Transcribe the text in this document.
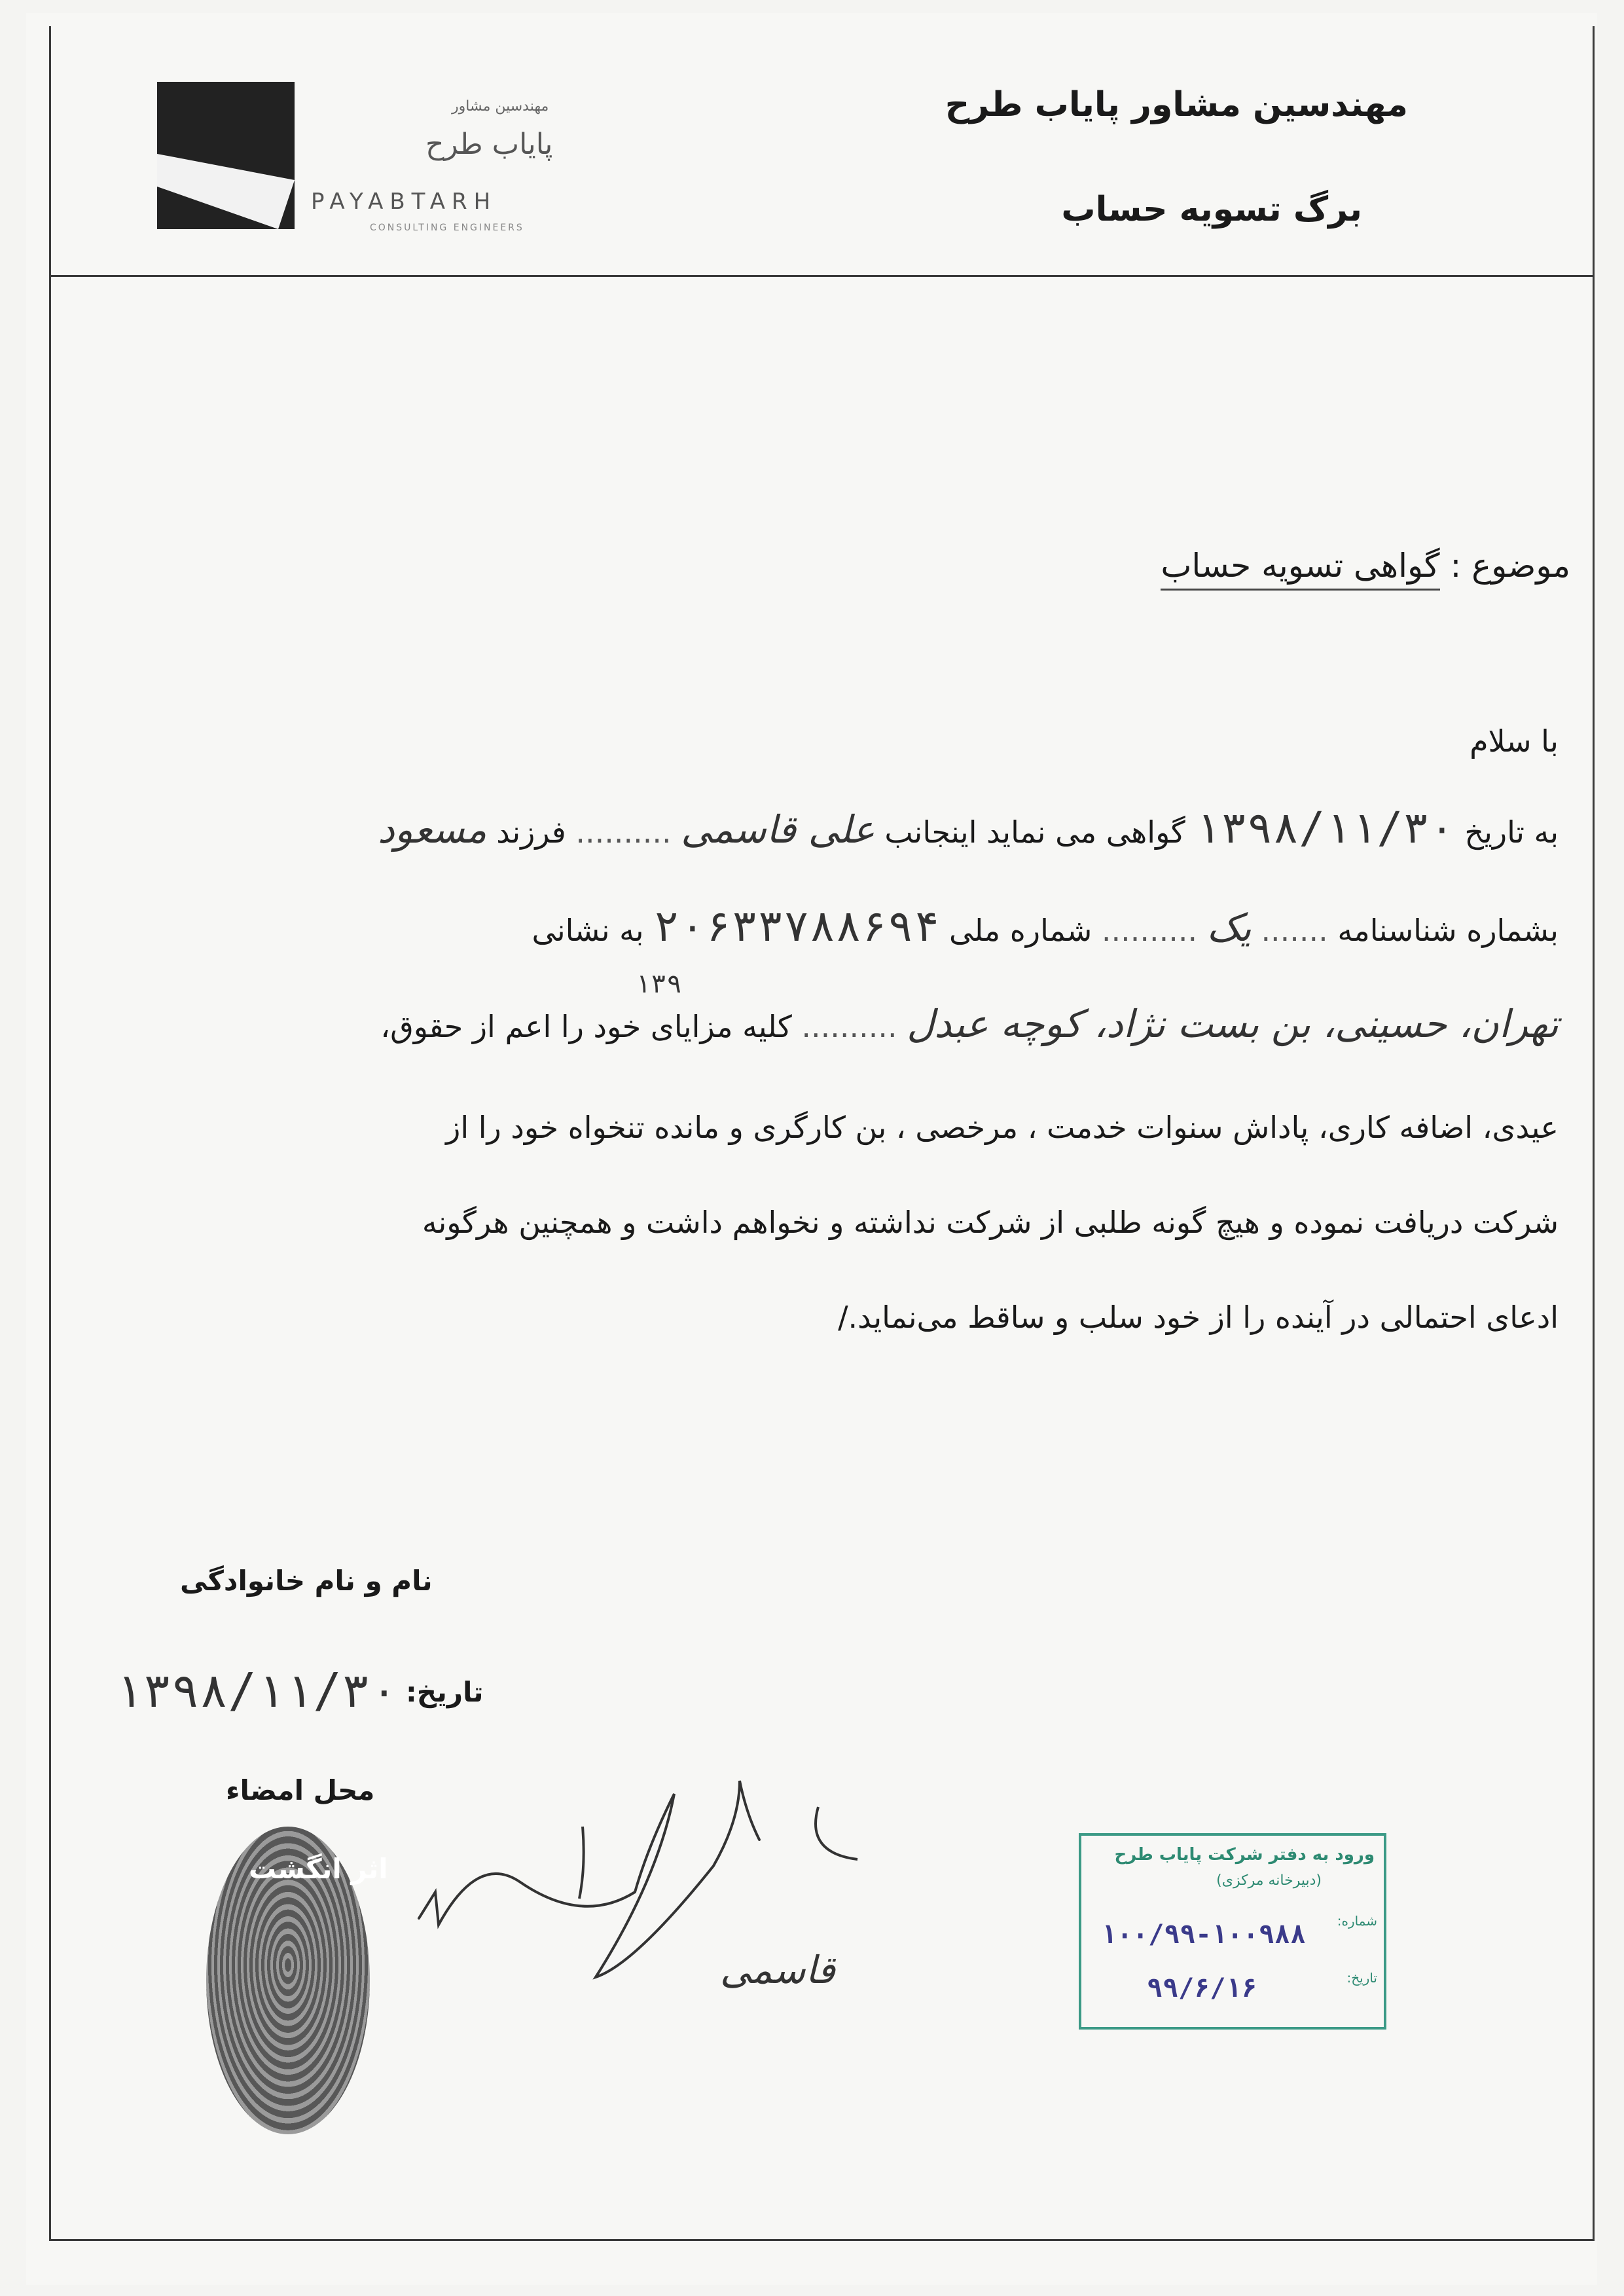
مهندسین مشاور
پایاب طرح
PAYABTARH
CONSULTING ENGINEERS
مهندسین مشاور پایاب طرح
برگ تسویه حساب
موضوع : گواهی تسویه حساب
با سلام
به تاریخ ۱۳۹۸/۱۱/۳۰ گواهی می نماید اینجانب علی قاسمی .......... فرزند مسعود
بشماره شناسنامه ....... یک .......... شماره ملی ۲۰۶۳۳۷۸۸۶۹۴ به نشانی
۱۳۹
تهران، حسینی، بن بست نژاد، کوچه عبدل .......... کلیه مزایای خود را اعم از حقوق،
عیدی، اضافه کاری، پاداش سنوات خدمت ، مرخصی ، بن کارگری و مانده تنخواه خود را از
شرکت دریافت نموده و هیچ گونه طلبی از شرکت نداشته و نخواهم داشت و همچنین هرگونه
ادعای احتمالی در آینده را از خود سلب و ساقط می‌نماید./
نام و نام خانوادگی
تاریخ:
۱۳۹۸/۱۱/۳۰
محل امضاء
اثر انگشت
قاسمی
ورود به دفتر شرکت پایاب طرح
(دبیرخانه مرکزی)
شماره:
۱۰۰/۹۹-۱۰۰۹۸۸
تاریخ:
۹۹/۶/۱۶
